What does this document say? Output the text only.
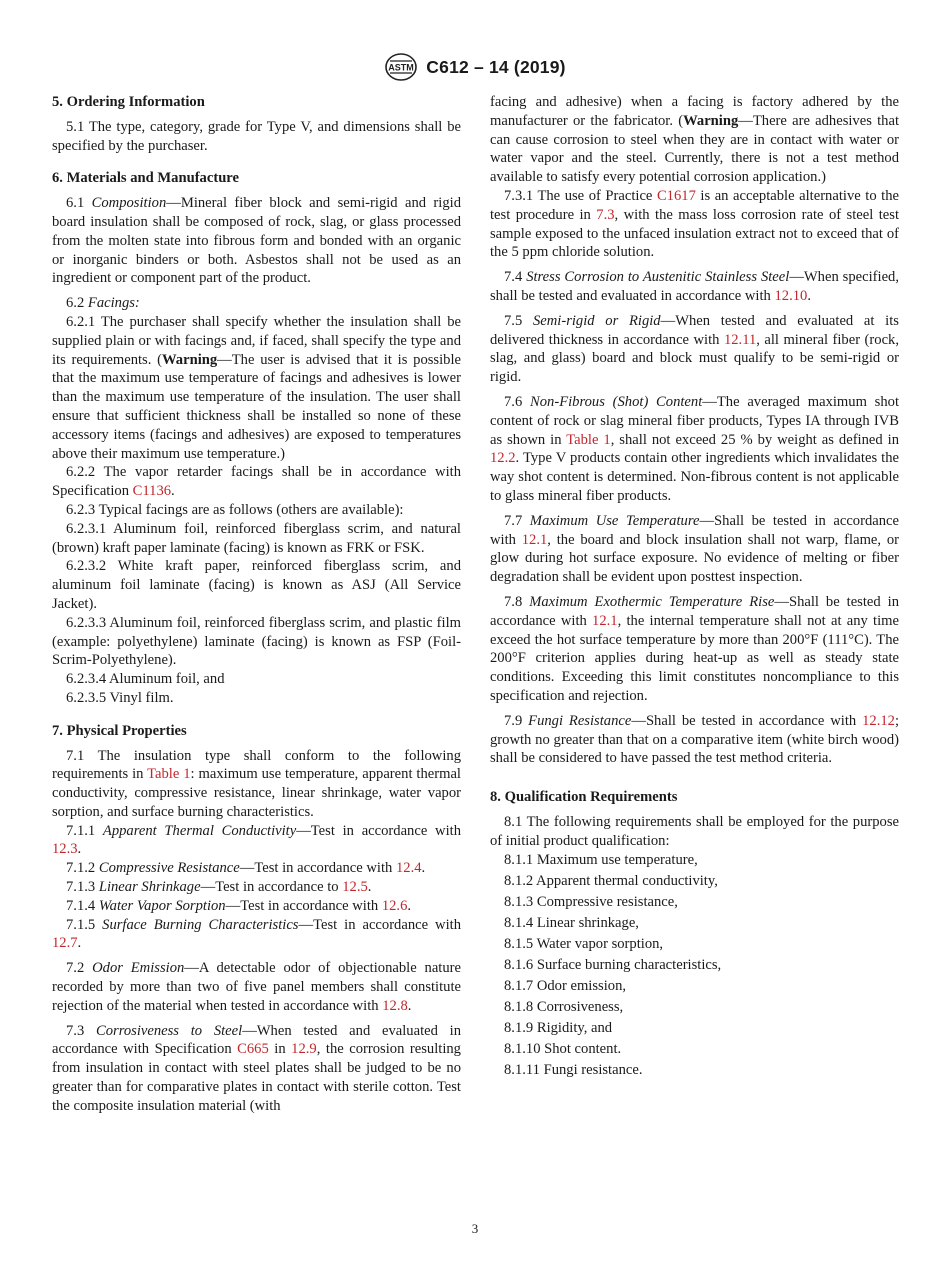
ASTM C612 – 14 (2019)
5. Ordering Information

5.1 The type, category, grade for Type V, and dimensions shall be specified by the purchaser.

6. Materials and Manufacture

6.1 Composition—Mineral fiber block and semi-rigid and rigid board insulation shall be composed of rock, slag, or glass processed from the molten state into fibrous form and bonded with an organic or inorganic binders or both. Asbestos shall not be used as an ingredient or component part of the product.

6.2 Facings:

6.2.1 The purchaser shall specify whether the insulation shall be supplied plain or with facings and, if faced, shall specify the type and its requirements. (Warning—The user is advised that it is possible that the maximum use temperature of facings and adhesives is lower than the maximum use temperature of the insulation. The user shall ensure that sufficient thickness shall be installed so none of these accessory items (facings and adhesives) are exposed to temperatures above their maximum use temperature.)

6.2.2 The vapor retarder facings shall be in accordance with Specification C1136.

6.2.3 Typical facings are as follows (others are available):

6.2.3.1 Aluminum foil, reinforced fiberglass scrim, and natural (brown) kraft paper laminate (facing) is known as FRK or FSK.

6.2.3.2 White kraft paper, reinforced fiberglass scrim, and aluminum foil laminate (facing) is known as ASJ (All Service Jacket).

6.2.3.3 Aluminum foil, reinforced fiberglass scrim, and plastic film (example: polyethylene) laminate (facing) is known as FSP (Foil-Scrim-Polyethylene).

6.2.3.4 Aluminum foil, and

6.2.3.5 Vinyl film.

7. Physical Properties

7.1 The insulation type shall conform to the following requirements in Table 1: maximum use temperature, apparent thermal conductivity, compressive resistance, linear shrinkage, water vapor sorption, and surface burning characteristics.

7.1.1 Apparent Thermal Conductivity—Test in accordance with 12.3.

7.1.2 Compressive Resistance—Test in accordance with 12.4.

7.1.3 Linear Shrinkage—Test in accordance to 12.5.

7.1.4 Water Vapor Sorption—Test in accordance with 12.6.

7.1.5 Surface Burning Characteristics—Test in accordance with 12.7.

7.2 Odor Emission—A detectable odor of objectionable nature recorded by more than two of five panel members shall constitute rejection of the material when tested in accordance with 12.8.

7.3 Corrosiveness to Steel—When tested and evaluated in accordance with Specification C665 in 12.9, the corrosion resulting from insulation in contact with steel plates shall be judged to be no greater than for comparative plates in contact with sterile cotton. Test the composite insulation material (with

facing and adhesive) when a facing is factory adhered by the manufacturer or the fabricator. (Warning—There are adhesives that can cause corrosion to steel when they are in contact with water or water vapor and the steel. Currently, there is not a test method available to satisfy every potential corrosion application.)

7.3.1 The use of Practice C1617 is an acceptable alternative to the test procedure in 7.3, with the mass loss corrosion rate of steel test sample exposed to the unfaced insulation extract not to exceed that of the 5 ppm chloride solution.

7.4 Stress Corrosion to Austenitic Stainless Steel—When specified, shall be tested and evaluated in accordance with 12.10.

7.5 Semi-rigid or Rigid—When tested and evaluated at its delivered thickness in accordance with 12.11, all mineral fiber (rock, slag, and glass) board and block must qualify to be semi-rigid or rigid.

7.6 Non-Fibrous (Shot) Content—The averaged maximum shot content of rock or slag mineral fiber products, Types IA through IVB as shown in Table 1, shall not exceed 25 % by weight as defined in 12.2. Type V products contain other ingredients which invalidates the way shot content is determined. Non-fibrous content is not applicable to glass mineral fiber products.

7.7 Maximum Use Temperature—Shall be tested in accordance with 12.1, the board and block insulation shall not warp, flame, or glow during hot surface exposure. No evidence of melting or fiber degradation shall be evident upon posttest inspection.

7.8 Maximum Exothermic Temperature Rise—Shall be tested in accordance with 12.1, the internal temperature shall not at any time exceed the hot surface temperature by more than 200°F (111°C). The 200°F criterion applies during heat-up as well as steady state conditions. Exceeding this limit constitutes noncompliance to this specification and rejection.

7.9 Fungi Resistance—Shall be tested in accordance with 12.12; growth no greater than that on a comparative item (white birch wood) shall be considered to have passed the test method criteria.

8. Qualification Requirements

8.1 The following requirements shall be employed for the purpose of initial product qualification:

8.1.1 Maximum use temperature,

8.1.2 Apparent thermal conductivity,

8.1.3 Compressive resistance,

8.1.4 Linear shrinkage,

8.1.5 Water vapor sorption,

8.1.6 Surface burning characteristics,

8.1.7 Odor emission,

8.1.8 Corrosiveness,

8.1.9 Rigidity, and

8.1.10 Shot content.

8.1.11 Fungi resistance.

3
